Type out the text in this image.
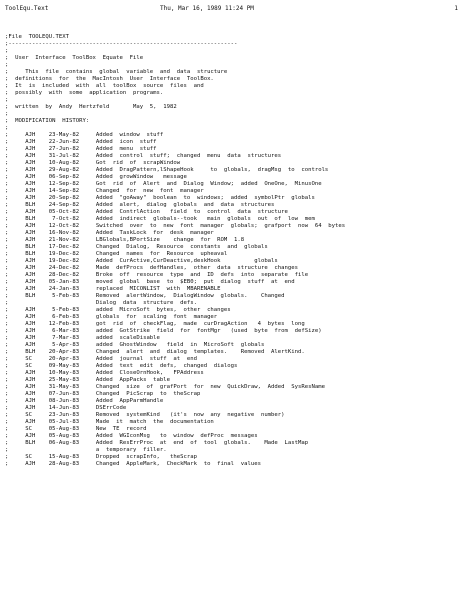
ToolEqu.Text	Thu, Mar 16, 1989 11:24 PM	1
;File  TOOLEQU.TEXT
;--------------------------------------------------------------------
;
;  User  Interface  ToolBox  Equate  File
;
;     This  file  contains  global  variable  and  data  structure
;  definitions  for  the  MacIntosh  User  Interface  ToolBox.
;  It  is  included  with  all  toolBox  source  files  and
;  possibly  with  some  application  programs.
;
;  written  by  Andy  Hertzfeld       May  5,  1982
;
;  MODIFICATION  HISTORY:
;
;     AJH    23-May-82     Added  window  stuff
;     AJH    22-Jun-82     Added  icon  stuff
;     AJH    27-Jun-82     Added  menu  stuff
;     AJH    31-Jul-82     Added  control  stuff;  changed  menu  data  structures
;     AJH    10-Aug-82     Got  rid  of  scrapWindow
;     AJH    29-Aug-82     Added  DragPattern,lShapeHook     to  globals,  dragMsg  to  controls
;     AJH    06-Sep-82     Added  growWindow   message
;     AJH    12-Sep-82     Got  rid  of  Alert  and  Dialog  Window;  added  OneOne,  MinusOne
;     AJH    14-Sep-82     Changed  for  new  font  manager
;     AJH    20-Sep-82     Added  "goAway"  boolean  to  windows;  added  symbolPtr  globals
;     BLH    24-Sep-82     Added  alert,  dialog  globals  and  data  structures
;     AJH    05-Oct-82     Added  ContrlAction   field  to  control  data  structure
;     BLH     7-Oct-82     Added  indirect  globals--took   main  globals  out  of  low  mem
;     AJH    12-Oct-82     Switched  over  to  new  font  manager  globals;  grafport  now  64  bytes
;     AJH    16-Nov-82     Added  TaskLock  for  desk  manager
;     AJH    21-Nov-82     LBGlobals,BPortSize    change  for  ROM  1.8
;     BLH    17-Dec-82     Changed  Dialog,  Resource  constants  and  globals
;     BLH    19-Dec-82     Changed  names  for  Resource  upheaval
;     AJH    19-Dec-82     Added  CurActive,CurDeactive,deskHook          globals
;     AJH    24-Dec-82     Made  defProcs  defHandles,  other  data  structure  changes
;     AJH    28-Dec-82     Broke  off  resource  type  and  ID  defs  into  separate  file
;     AJH    05-Jan-83     moved  global  base  to  $EB0;  put  dialog  stuff  at  end
;     AJH    24-Jan-83     replaced  MICONLIST  with  MBARENABLE
;     BLH     5-Feb-83     Removed  alertWindow,  DialogWindow  globals.    Changed
;                          Dialog  data  structure  defs.
;     AJH     5-Feb-83     added  MicroSoft  bytes,  other  changes
;     AJH     6-Feb-83     globals  for  scaling  font  manager
;     AJH    12-Feb-83     got  rid  of  checkFlag,  made  curDragAction   4  bytes  long
;     AJH     6-Mar-83     added  GotStrike  field  for  fontMgr   (used  byte  from  defSize)
;     AJH     7-Mar-83     added  scaleDisable
;     AJH     5-Apr-83     added  GhostWindow   field  in  MicroSoft  globals
;     BLH    20-Apr-83     Changed  alert  and  dialog  templates.    Removed  AlertKind.
;     SC     20-Apr-83     Added  journal  stuff  at  end
;     SC     09-May-83     Added  text  edit  defs,  changed  dialogs
;     AJH    10-May-83     Added  CloseOrnHook,   FPAddress
;     AJH    25-May-83     Added  AppPacks  table
;     AJH    31-May-83     Changed  size  of  grafPort  for  new  QuickDraw,  Added  SysResName
;     AJH    07-Jun-83     Changed  PicScrap  to  theScrap
;     AJH    08-Jun-83     Added  AppParmHandle
;     AJH    14-Jun-83     DSErrCode
;     SC     23-Jun-83     Removed  systemKind   (it's  now  any  negative  number)
;     AJH    05-Jul-83     Made  it  match  the  documentation
;     SC     05-Aug-83     New  TE  record
;     AJH    05-Aug-83     Added  WGIconMsg   to  window  defProc  messages
;     BLH    06-Aug-83     Added  ResErrProc  at  end  of  tool  globals.    Made  LastMap
;                          a  temporary  filler.
;     SC     15-Aug-83     Dropped  scrapInfo,   theScrap
;     AJH    28-Aug-83     Changed  AppleMark,  CheckMark  to  final  values
